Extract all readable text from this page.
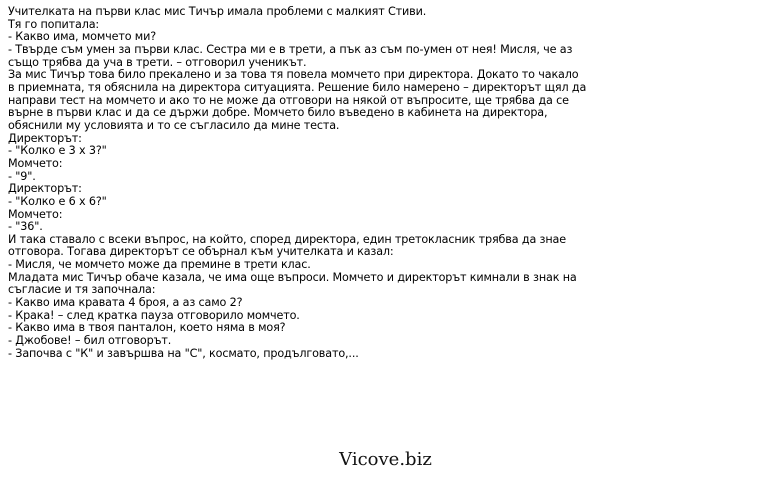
Учителката на първи клас мис Тичър имала проблеми с малкият Стиви.
Тя го попитала:
- Какво има, момчето ми?
- Твърде съм умен за първи клас. Сестра ми е в трети, а пък аз съм по-умен от нея! Мисля, че аз
също трябва да уча в трети. – отговорил ученикът.
За мис Тичър това било прекалено и за това тя повела момчето при директора. Докато то чакало
в приемната, тя обяснила на директора ситуацията. Решение било намерено – директорът щял да
направи тест на момчето и ако то не може да отговори на някой от въпросите, ще трябва да се
върне в първи клас и да се държи добре. Момчето било въведено в кабинета на директора,
обяснили му условията и то се съгласило да мине теста.
Директорът:
- "Колко е 3 x 3?"
Момчето:
- "9".
Директорът:
- "Колко е 6 x 6?"
Момчето:
- "36".
И така ставало с всеки въпрос, на който, според директора, един третокласник трябва да знае
отговора. Тогава директорът се обърнал към учителката и казал:
- Мисля, че момчето може да премине в трети клас.
Младата мис Тичър обаче казала, че има още въпроси. Момчето и директорът кимнали в знак на
съгласие и тя започнала:
- Какво има кравата 4 броя, а аз само 2?
- Крака! – след кратка пауза отговорило момчето.
- Какво има в твоя панталон, което няма в моя?
- Джобове! – бил отговорът.
- Започва с "К" и завършва на "С", космато, продълговато,...
Vicove.biz
